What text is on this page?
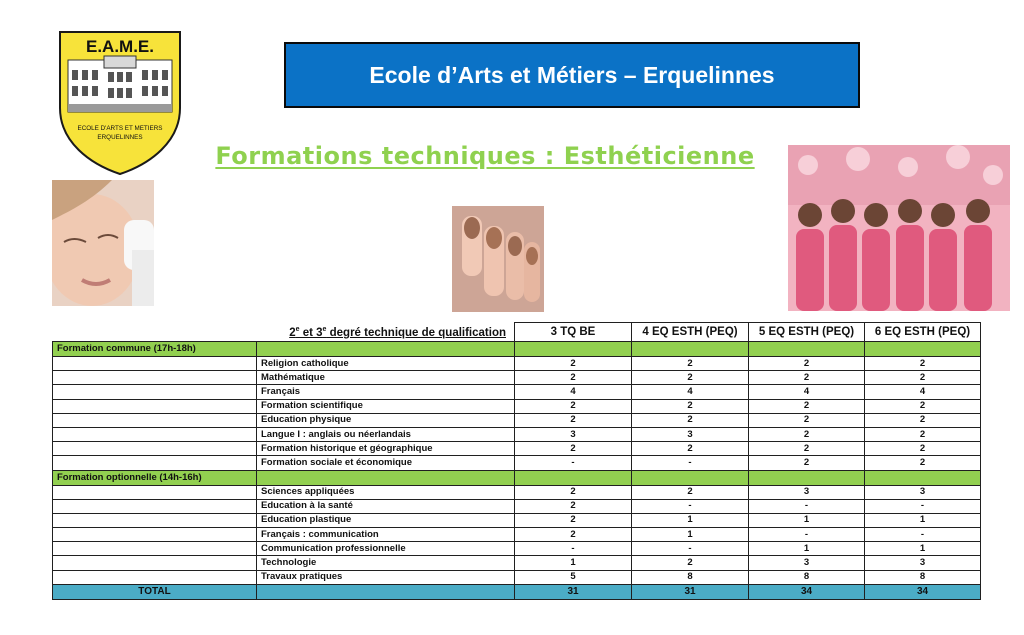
E.A.M.E.
ECOLE D'ARTS ET METIERS
ERQUELINNES
Ecole d’Arts et Métiers – Erquelinnes
Formations techniques : Esthéticienne
	2e et 3e degré technique de qualification	3 TQ BE	4 EQ ESTH (PEQ)	5 EQ ESTH (PEQ)	6 EQ ESTH (PEQ)
Formation commune (17h-18h)					
	Religion catholique	2	2	2	2
	Mathématique	2	2	2	2
	Français	4	4	4	4
	Formation scientifique	2	2	2	2
	Education physique	2	2	2	2
	Langue I : anglais ou néerlandais	3	3	2	2
	Formation historique et géographique	2	2	2	2
	Formation sociale et économique	-	-	2	2
Formation optionnelle (14h-16h)					
	Sciences appliquées	2	2	3	3
	Education à la santé	2	-	-	-
	Education plastique	2	1	1	1
	Français : communication	2	1	-	-
	Communication professionnelle	-	-	1	1
	Technologie	1	2	3	3
	Travaux pratiques	5	8	8	8
TOTAL		31	31	34	34
